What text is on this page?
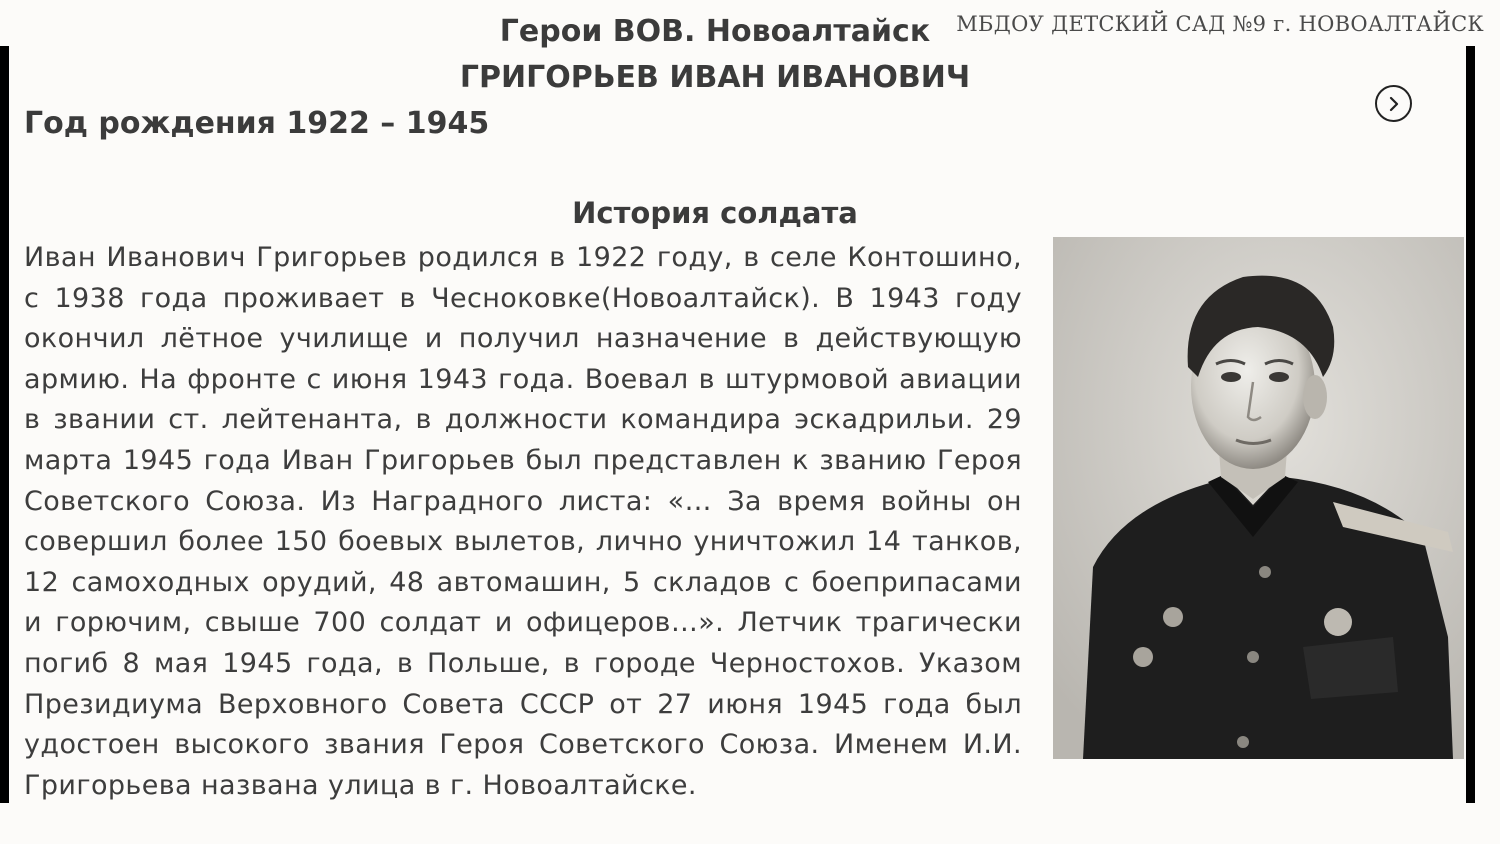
МБДОУ ДЕТСКИЙ САД №9 г. НОВОАЛТАЙСК
Герои ВОВ. Новоалтайск
ГРИГОРЬЕВ ИВАН ИВАНОВИЧ
Год рождения 1922 – 1945
История солдата
Иван Иванович Григорьев родился в 1922 году, в селе Контошино, с 1938 года проживает в Чесноковке(Новоалтайск). В 1943 году окончил лётное училище и получил назначение в действующую армию. На фронте с июня 1943 года. Воевал в штурмовой авиации в звании ст. лейтенанта, в должности командира эскадрильи. 29 марта 1945 года Иван Григорьев был представлен к званию Героя Советского Союза. Из Наградного листа: «… За время войны он совершил более 150 боевых вылетов, лично уничтожил 14 танков, 12 самоходных орудий, 48 автомашин, 5 складов с боеприпасами и горючим, свыше 700 солдат и офицеров…». Летчик трагически погиб 8 мая 1945 года, в Польше, в городе Черностохов. Указом Президиума Верховного Совета СССР от 27 июня 1945 года был удостоен высокого звания Героя Советского Союза. Именем И.И. Григорьева названа улица в г. Новоалтайске.
